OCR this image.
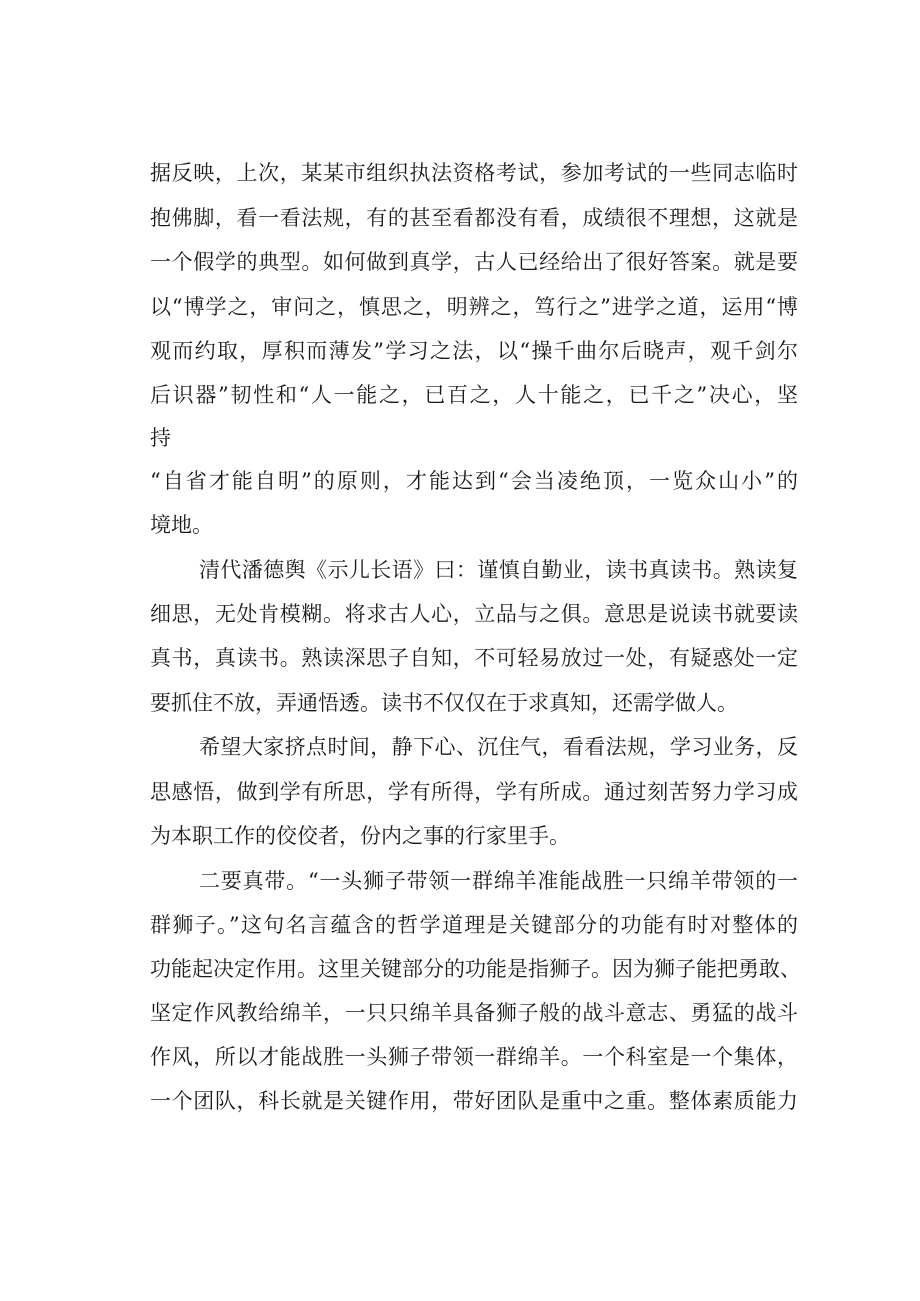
据反映，上次，某某市组织执法资格考试，参加考试的一些同志临时

抱佛脚，看一看法规，有的甚至看都没有看，成绩很不理想，这就是

一个假学的典型。如何做到真学，古人已经给出了很好答案。就是要

以“博学之，审问之，慎思之，明辨之，笃行之”进学之道，运用“博

观而约取，厚积而薄发”学习之法，以“操千曲尔后晓声，观千剑尔

后识器”韧性和“人一能之，已百之，人十能之，已千之”决心，坚

持

“自省才能自明”的原则，才能达到“会当凌绝顶，一览众山小”的

境地。

清代潘德舆《示儿长语》曰：谨慎自勤业，读书真读书。熟读复

细思，无处肯模糊。将求古人心，立品与之俱。意思是说读书就要读

真书，真读书。熟读深思子自知，不可轻易放过一处，有疑惑处一定

要抓住不放，弄通悟透。读书不仅仅在于求真知，还需学做人。

希望大家挤点时间，静下心、沉住气，看看法规，学习业务，反

思感悟，做到学有所思，学有所得，学有所成。通过刻苦努力学习成

为本职工作的佼佼者，份内之事的行家里手。

二要真带。“一头狮子带领一群绵羊准能战胜一只绵羊带领的一

群狮子。”这句名言蕴含的哲学道理是关键部分的功能有时对整体的

功能起决定作用。这里关键部分的功能是指狮子。因为狮子能把勇敢、

坚定作风教给绵羊，一只只绵羊具备狮子般的战斗意志、勇猛的战斗

作风，所以才能战胜一头狮子带领一群绵羊。一个科室是一个集体，

一个团队，科长就是关键作用，带好团队是重中之重。整体素质能力
